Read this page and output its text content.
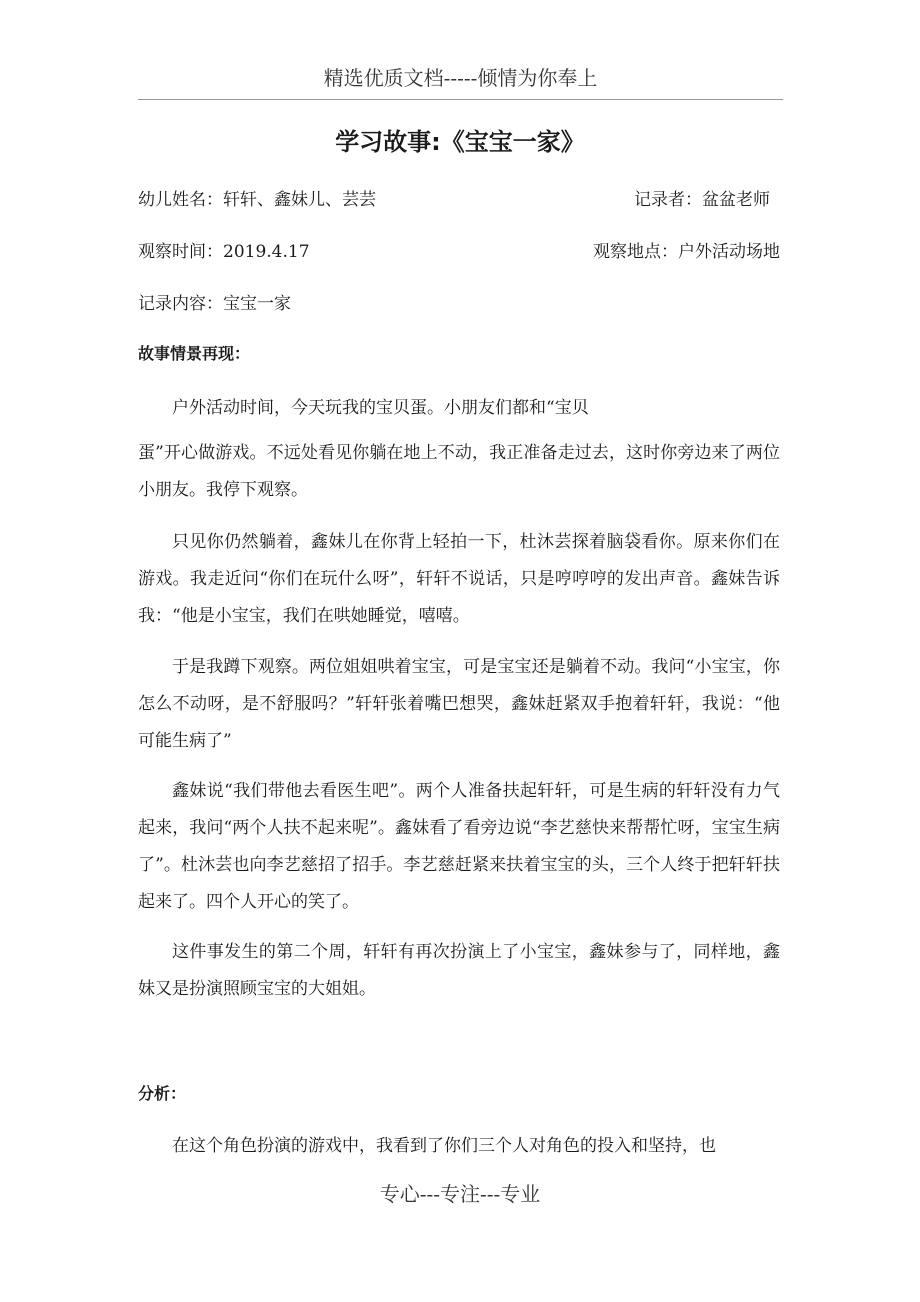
精选优质文档-----倾情为你奉上
学习故事:《宝宝一家》
幼儿姓名：轩轩、鑫妹儿、芸芸	记录者：盆盆老师
观察时间：2019.4.17	观察地点：户外活动场地
记录内容：宝宝一家
故事情景再现：
户外活动时间，今天玩我的宝贝蛋。小朋友们都和“宝贝

蛋”开心做游戏。不远处看见你躺在地上不动，我正准备走过去，这时你旁边来了两位小朋友。我停下观察。

只见你仍然躺着，鑫妹儿在你背上轻拍一下，杜沐芸探着脑袋看你。原来你们在游戏。我走近问“你们在玩什么呀”，轩轩不说话，只是哼哼哼的发出声音。鑫妹告诉我：“他是小宝宝，我们在哄她睡觉，嘻嘻。

于是我蹲下观察。两位姐姐哄着宝宝，可是宝宝还是躺着不动。我问“小宝宝，你怎么不动呀，是不舒服吗？”轩轩张着嘴巴想哭，鑫妹赶紧双手抱着轩轩，我说：“他可能生病了”

鑫妹说“我们带他去看医生吧”。两个人准备扶起轩轩，可是生病的轩轩没有力气起来，我问“两个人扶不起来呢”。鑫妹看了看旁边说“李艺慈快来帮帮忙呀，宝宝生病了”。杜沐芸也向李艺慈招了招手。李艺慈赶紧来扶着宝宝的头，三个人终于把轩轩扶起来了。四个人开心的笑了。

这件事发生的第二个周，轩轩有再次扮演上了小宝宝，鑫妹参与了，同样地，鑫妹又是扮演照顾宝宝的大姐姐。

分析：
在这个角色扮演的游戏中，我看到了你们三个人对角色的投入和坚持，也
专心---专注---专业
